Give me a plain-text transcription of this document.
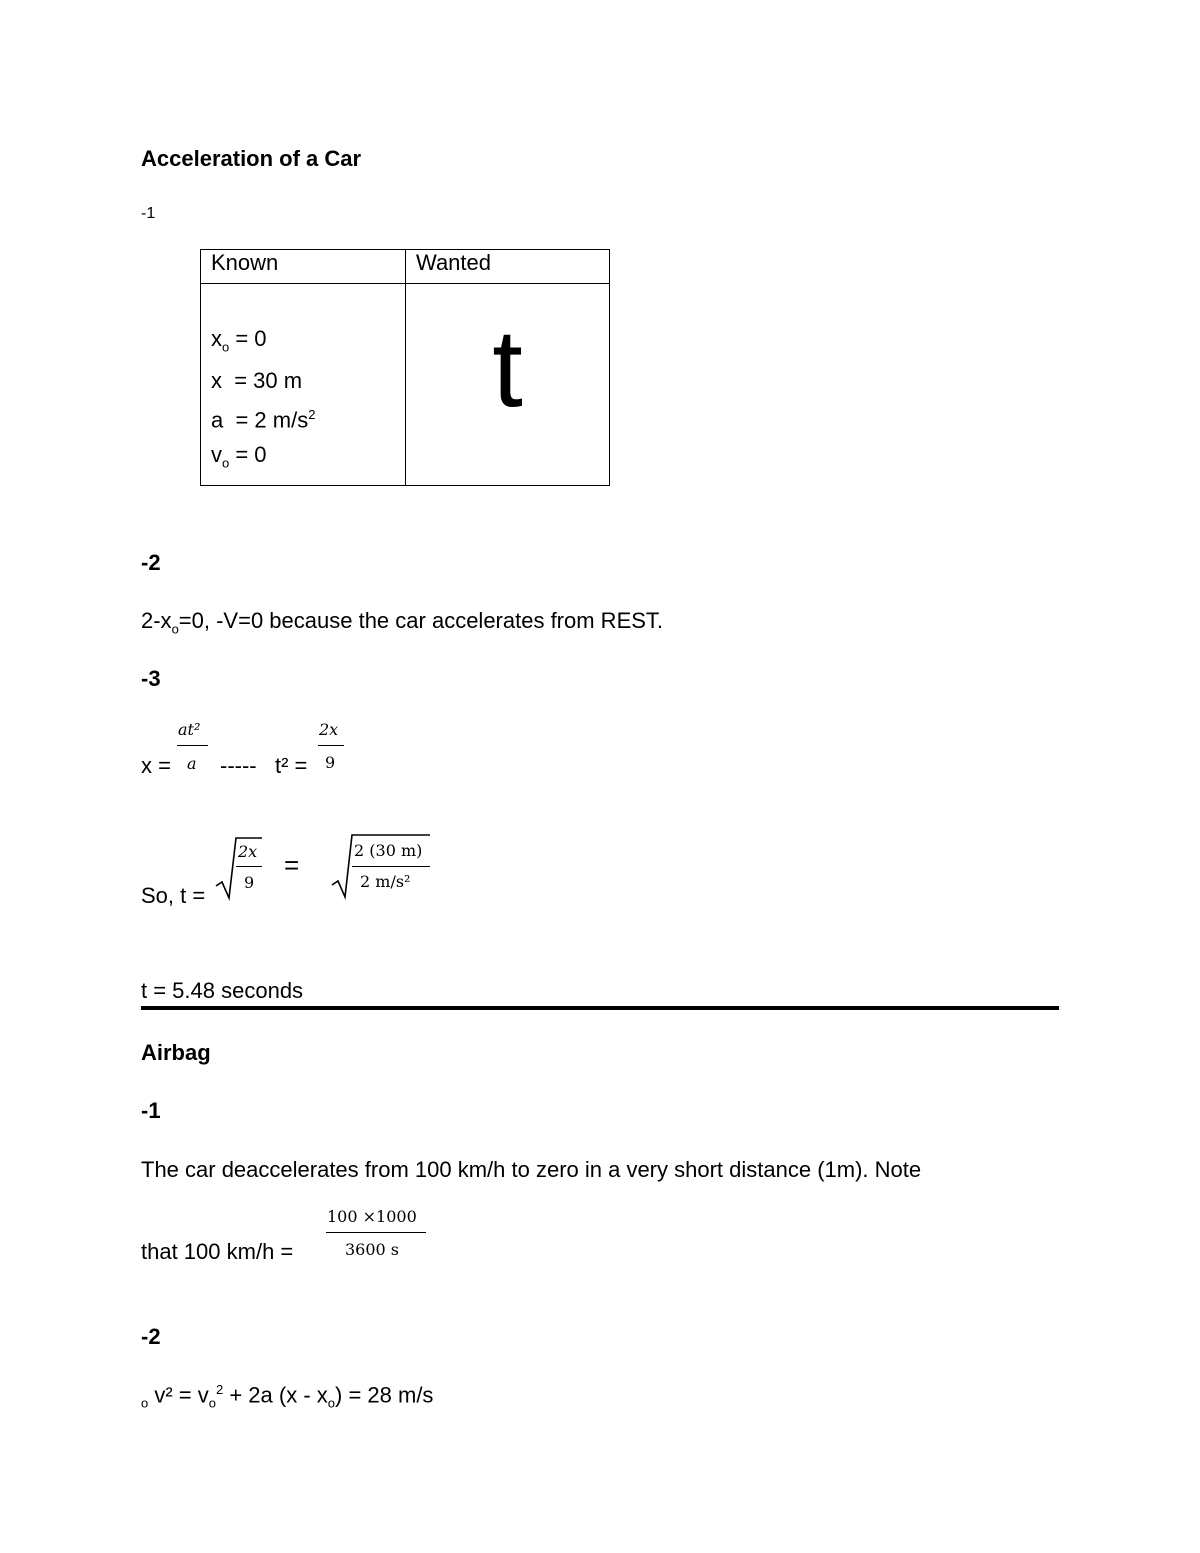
Acceleration of a Car
-1
Known	Wanted

$x_o = 0$
x  = 30 m
a  = 2 $m/s^2$
$v_o = 0$	t
-2
$2-x_o=0$, -V=0 because the car accelerates from REST.
-3
x =
at²
a ----- t² =
2x
9
So, t =
2x
9
=	2 (30 m)
2 m/s²
t = 5.48 seconds
Airbag
-1
The car deaccelerates from 100 km/h to zero in a very short distance (1m). Note
that 100 km/h =
100 ×1000
3600 s
-2
$_o$ $v^2 = v_o^2 + 2a$ $(x - x_o) = 28$ m/s
